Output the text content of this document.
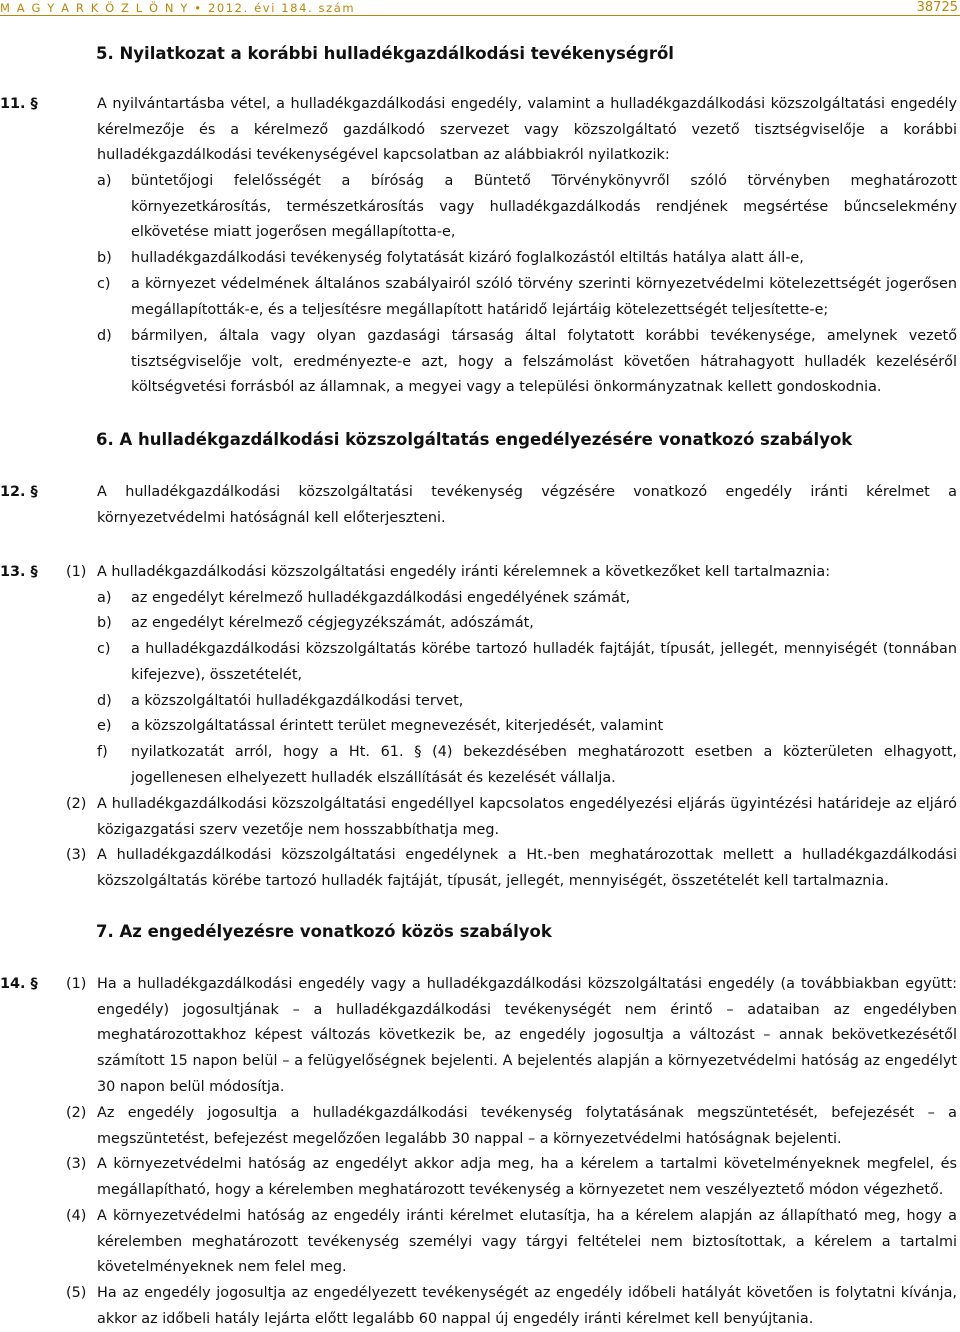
M A G Y A R K Ö Z L Ö N Y • 2012. évi 184. szám	38725
5. Nyilatkozat a korábbi hulladékgazdálkodási tevékenységről
11. §	A nyilvántartásba vétel, a hulladékgazdálkodási engedély, valamint a hulladékgazdálkodási közszolgáltatási engedély kérelmezője és a kérelmező gazdálkodó szervezet vagy közszolgáltató vezető tisztségviselője a korábbi hulladékgazdálkodási tevékenységével kapcsolatban az alábbiakról nyilatkozik:
a) büntetőjogi felelősségét a bíróság a Büntető Törvénykönyvről szóló törvényben meghatározott környezetkárosítás, természetkárosítás vagy hulladékgazdálkodás rendjének megsértése bűncselekmény elkövetése miatt jogerősen megállapította-e,
b) hulladékgazdálkodási tevékenység folytatását kizáró foglalkozástól eltiltás hatálya alatt áll-e,
c) a környezet védelmének általános szabályairól szóló törvény szerinti környezetvédelmi kötelezettségét jogerősen megállapították-e, és a teljesítésre megállapított határidő lejártáig kötelezettségét teljesítette-e;
d) bármilyen, általa vagy olyan gazdasági társaság által folytatott korábbi tevékenysége, amelynek vezető tisztségviselője volt, eredményezte-e azt, hogy a felszámolást követően hátrahagyott hulladék kezeléséről költségvetési forrásból az államnak, a megyei vagy a települési önkormányzatnak kellett gondoskodnia.
6. A hulladékgazdálkodási közszolgáltatás engedélyezésére vonatkozó szabályok
12. §	A hulladékgazdálkodási közszolgáltatási tevékenység végzésére vonatkozó engedély iránti kérelmet a környezetvédelmi hatóságnál kell előterjeszteni.
13. § (1) A hulladékgazdálkodási közszolgáltatási engedély iránti kérelemnek a következőket kell tartalmaznia:
a) az engedélyt kérelmező hulladékgazdálkodási engedélyének számát,
b) az engedélyt kérelmező cégjegyzékszámát, adószámát,
c) a hulladékgazdálkodási közszolgáltatás körébe tartozó hulladék fajtáját, típusát, jellegét, mennyiségét (tonnában kifejezve), összetételét,
d) a közszolgáltatói hulladékgazdálkodási tervet,
e) a közszolgáltatással érintett terület megnevezését, kiterjedését, valamint
f) nyilatkozatát arról, hogy a Ht. 61. § (4) bekezdésében meghatározott esetben a közterületen elhagyott, jogellenesen elhelyezett hulladék elszállítását és kezelését vállalja.
(2) A hulladékgazdálkodási közszolgáltatási engedéllyel kapcsolatos engedélyezési eljárás ügyintézési határideje az eljáró közigazgatási szerv vezetője nem hosszabbíthatja meg.
(3) A hulladékgazdálkodási közszolgáltatási engedélynek a Ht.-ben meghatározottak mellett a hulladékgazdálkodási közszolgáltatás körébe tartozó hulladék fajtáját, típusát, jellegét, mennyiségét, összetételét kell tartalmaznia.
7. Az engedélyezésre vonatkozó közös szabályok
14. § (1) Ha a hulladékgazdálkodási engedély vagy a hulladékgazdálkodási közszolgáltatási engedély (a továbbiakban együtt: engedély) jogosultjának – a hulladékgazdálkodási tevékenységét nem érintő – adataiban az engedélyben meghatározottakhoz képest változás következik be, az engedély jogosultja a változást – annak bekövetkezésétől számított 15 napon belül – a felügyelőségnek bejelenti. A bejelentés alapján a környezetvédelmi hatóság az engedélyt 30 napon belül módosítja.
(2) Az engedély jogosultja a hulladékgazdálkodási tevékenység folytatásának megszüntetését, befejezését – a megszüntetést, befejezést megelőzően legalább 30 nappal – a környezetvédelmi hatóságnak bejelenti.
(3) A környezetvédelmi hatóság az engedélyt akkor adja meg, ha a kérelem a tartalmi követelményeknek megfelel, és megállapítható, hogy a kérelemben meghatározott tevékenység a környezetet nem veszélyeztető módon végezhető.
(4) A környezetvédelmi hatóság az engedély iránti kérelmet elutasítja, ha a kérelem alapján az állapítható meg, hogy a kérelemben meghatározott tevékenység személyi vagy tárgyi feltételei nem biztosítottak, a kérelem a tartalmi követelményeknek nem felel meg.
(5) Ha az engedély jogosultja az engedélyezett tevékenységét az engedély időbeli hatályát követően is folytatni kívánja, akkor az időbeli hatály lejárta előtt legalább 60 nappal új engedély iránti kérelmet kell benyújtania.
